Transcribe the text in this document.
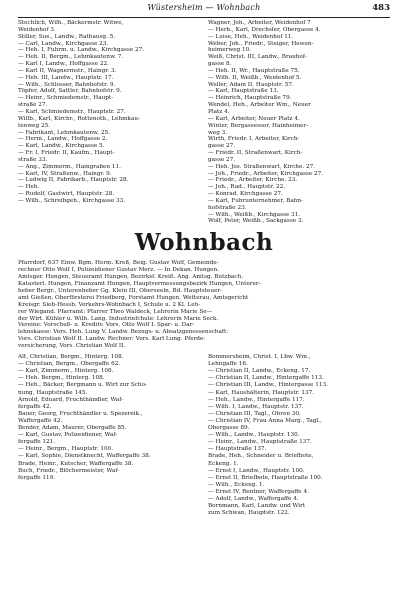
Wüstersheim — Wohnbach	483
Stechlich, Wilh., Bäckermstr. Witwe,
Weidenhof 3.
Stiller, Sus., Landw., Rathausg. 5.
— Carl, Landw., Kirchgasse 23.
— Heh. I, Fuhrm. u. Landw., Kirchgasse 27.
— Heh. II, Bergm., Lehmkautenw. 7.
— Karl I, Landw., Hoffgasse 22.
— Karl II, Wagnermstr., Haingr. 3.
— Heh. III, Landw., Hauptstr. 17.
— Wilh., Schlosser, Bahnhofstr. 9.
Töpfer, Adolf, Sattler, Bahnhofstr. 9.
— Heinr., Schmiedemstr., Haupt-
straße 27.
— Karl, Schmiedemstr., Hauptstr. 27.
Willb., Karl, Kirchr., Rottenoth., Lehmkau-
tenweg 25.
— Fabrikant, Lehmkautenw. 25.
— Herm., Landw., Hoffgasse 2.
— Karl, Landw., Kirchgasse 5.
— Fr. I, Friedr. II, Kaufm., Haupt-
straße 33.
— Ang., Zimmerm., Haingraben 11.
— Karl, IV, Straßenw., Haingr. 9.
— Ludwig II, Fabrikarb., Hauptstr. 28.
— Heh.
— Rudolf, Gastwirt, Hauptstr. 28.
— Wilh., Schreibgeh., Kirchgasse 33.
Wagner, Joh., Arbeiter, Weidenhof 7
— Herb., Karl, Drechsler, Obergasse 4.
— Luise, Heh., Weidenhof 11.
Weber, Joh., Friedr., Steiger, Hewen-
heimerweg 10.
Weiß, Christ. III, Landw., Brauhof-
gasse 8.
— Heh. II, Wr., Hauptstraße 75.
— Wilh. II, Weißb., Weidenhof 5.
Weller, Adam II, Hauptstr. 57.
— Karl, Hauptstraße 13.
— Heinrich, Hauptstraße 79.
Wendel, Heh., Arbeiter Wm., Neuer
Platz 4.
— Karl, Arbeiter, Neuer Platz 4.
Winter, Bergassessor, Hainheimer-
weg 3.
Wirth, Friedr. I, Arbeiter, Kirch-
gasse 27.
— Friedr. II, Straßenwart, Kirch-
gasse 27.
— Heh. Jos. Straßenwart, Kirche. 27.
— Joh., Friedr., Arbeiter, Kirchgasse 27.
— Friedr., Arbeiter, Kirche. 23.
— Joh., Rad., Hauptstr. 22.
— Konrad, Kirchgasse 27.
— Karl, Fuhrunternehmer, Bahn-
hofstraße 23.
— Wilh., Weißb., Kirchgasse 31.
Wolf, Peter, Weißb., Sackgasse 3.
Wohnbach
Pfarrdorf, 637 Einw. Bgm. Herm. Kreß, Beig. Gustav Wolf, Gemeinde-
rechner Otto Wolf I, Polizeidiener Gustav Merz. — In Dekan. Hungen.
Amtsger. Hungen, Steueramt Hungen, Bezirksf. Kreiß. Ang. Amtsg. Butzbach.
Katasterl. Hungen, Finanzamt Hungen, Hauptvermessungsbezirk Hungen, Unterer-
heber Bergr., Unterenheber Gg. Klein III, Oberseeln, Bd. Hauptsteuer-
amt Gießen, Oberförsterei Friedberg, Forstamt Hungen, Wetterau, Amtsgericht
Kreisgr. Sieb-Hessb. Verkehrs-Wohnbach I, Schule u. 2 Kl. Leh-
rer Wiegand. Pfarramt: Pfarrer Theo Waldeck, Lehrerin Marie Se—
der Wirt. Kühler u. Wilh. Lang. Industriefchule: Lehrerin Marie Seck.
Vereine: Vorschuß- u. Kreditv. Vors. Otto Wolf I. Spar- u. Dar-
lehnskasse: Vors. Heh. Lung V. Landw. Bezugs- u. Absatzgenossenschaft:
Vors. Christian Wolf II. Landw. Rechner: Vors. Karl Lung. Pferde-
versicherung, Vors. Christian Wolf II.
Alt, Christian, Bergm., Hinterg. 108.
— Christian, Bergm., Obergaffe 62.
— Karl, Zimmerm., Hinterg. 108.
— Heh. Bergm., Hinterg. 108.
— Heh., Bäcker, Bergmann u. Wirt zur Scho-
nung, Hauptstraße 145.
Arnold, Eduard, Fruchthändler, Waf-
fergaffe 42.
Bauer, Georg, Fruchthändler u. Spezereik.,
Waffergaffe 42.
Bender, Adam, Maurer, Obergaffe 85.
— Karl, Gustav, Polizeidiener, Waf-
fergaffe 121.
— Heinr., Bergm., Hauptstr. 100.
— Karl, Sophie, Dienstknecht, Waffergaffe 38.
Brade, Heinr., Kutscher, Waffergaffe 38.
Buch, Friedr., Blöchermeister, Waf-
fergaffe 119.
Bommersheim, Christ. I, Lbw. Wm.,
Lehngaffe 16.
— Christian II, Landw., Eckeng. 17.
— Christian II, Landw., Hintergaffe 113.
— Christian III, Landw., Hintergasse 113.
— Karl, Haushälterin, Hauptstr. 137.
— Heh., Landw., Hintergaffe 117.
— Wilh. I, Landw., Hauptstr. 137.
— Christian III, Tagl., Ohren 30.
— Christian IV, Frau Anna Marg., Tagl.,
Obergasse 89.
— Wilh., Landw., Hauptstr. 130.
— Heinr., Landw., Hauptstraße 137.
— Hauptstraße 137.
Brade, Heh., Schneider u. Briefbote,
Eckeng. 1.
— Ernst I, Landw., Hauptstr. 100.
— Ernst II, Briefbote, Hauptstraße 100.
— Wilh., Eckeng. 1.
— Ernst IV, Rentner, Waffergaffe 4.
— Adolf, Landw., Waffergaffe 4.
Bornmann, Karl, Landw. und Wirt
zum Schwan, Hauptstr. 122.
